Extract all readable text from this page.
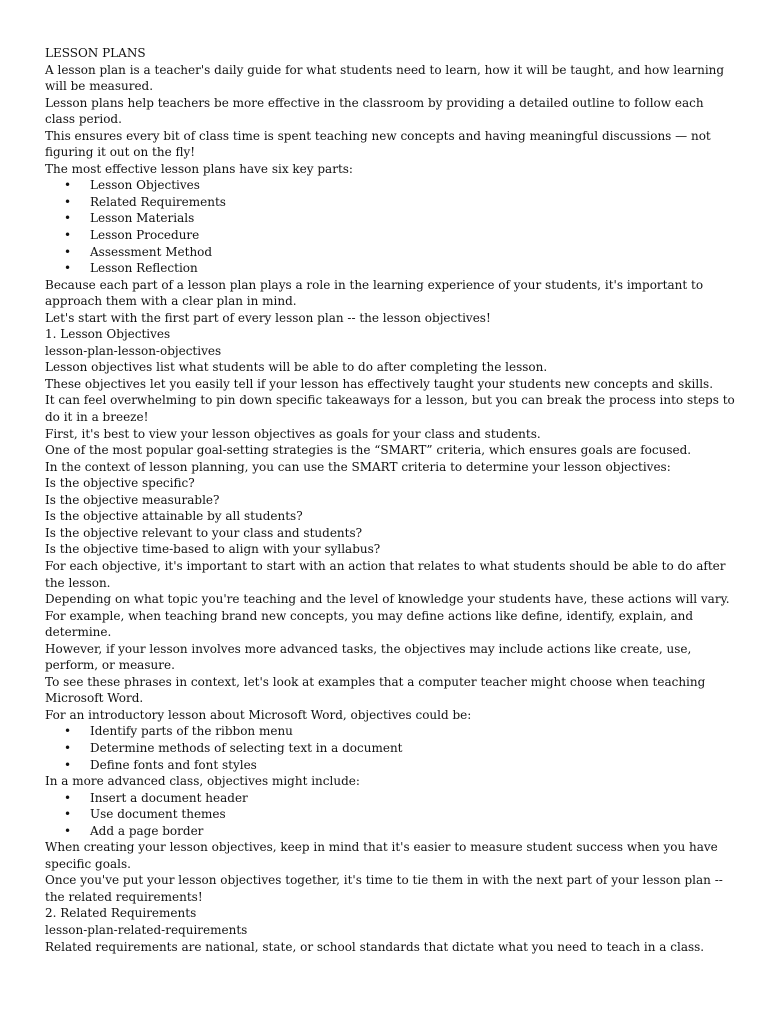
LESSON PLANS

A lesson plan is a teacher's daily guide for what students need to learn, how it will be taught, and how learning will be measured.

Lesson plans help teachers be more effective in the classroom by providing a detailed outline to follow each class period.

This ensures every bit of class time is spent teaching new concepts and having meaningful discussions — not figuring it out on the fly!

The most effective lesson plans have six key parts:

• Lesson Objectives
• Related Requirements
• Lesson Materials
• Lesson Procedure
• Assessment Method
• Lesson Reflection

Because each part of a lesson plan plays a role in the learning experience of your students, it's important to approach them with a clear plan in mind.

Let's start with the first part of every lesson plan -- the lesson objectives!

1. Lesson Objectives

lesson-plan-lesson-objectives

Lesson objectives list what students will be able to do after completing the lesson.

These objectives let you easily tell if your lesson has effectively taught your students new concepts and skills.

It can feel overwhelming to pin down specific takeaways for a lesson, but you can break the process into steps to do it in a breeze!

First, it's best to view your lesson objectives as goals for your class and students.

One of the most popular goal-setting strategies is the “SMART” criteria, which ensures goals are focused.

In the context of lesson planning, you can use the SMART criteria to determine your lesson objectives:

Is the objective specific?

Is the objective measurable?

Is the objective attainable by all students?

Is the objective relevant to your class and students?

Is the objective time-based to align with your syllabus?

For each objective, it's important to start with an action that relates to what students should be able to do after the lesson.

Depending on what topic you're teaching and the level of knowledge your students have, these actions will vary.

For example, when teaching brand new concepts, you may define actions like define, identify, explain, and determine.

However, if your lesson involves more advanced tasks, the objectives may include actions like create, use, perform, or measure.

To see these phrases in context, let's look at examples that a computer teacher might choose when teaching Microsoft Word.

For an introductory lesson about Microsoft Word, objectives could be:

• Identify parts of the ribbon menu
• Determine methods of selecting text in a document
• Define fonts and font styles

In a more advanced class, objectives might include:

• Insert a document header
• Use document themes
• Add a page border

When creating your lesson objectives, keep in mind that it's easier to measure student success when you have specific goals.

Once you've put your lesson objectives together, it's time to tie them in with the next part of your lesson plan -- the related requirements!

2. Related Requirements

lesson-plan-related-requirements

Related requirements are national, state, or school standards that dictate what you need to teach in a class.
